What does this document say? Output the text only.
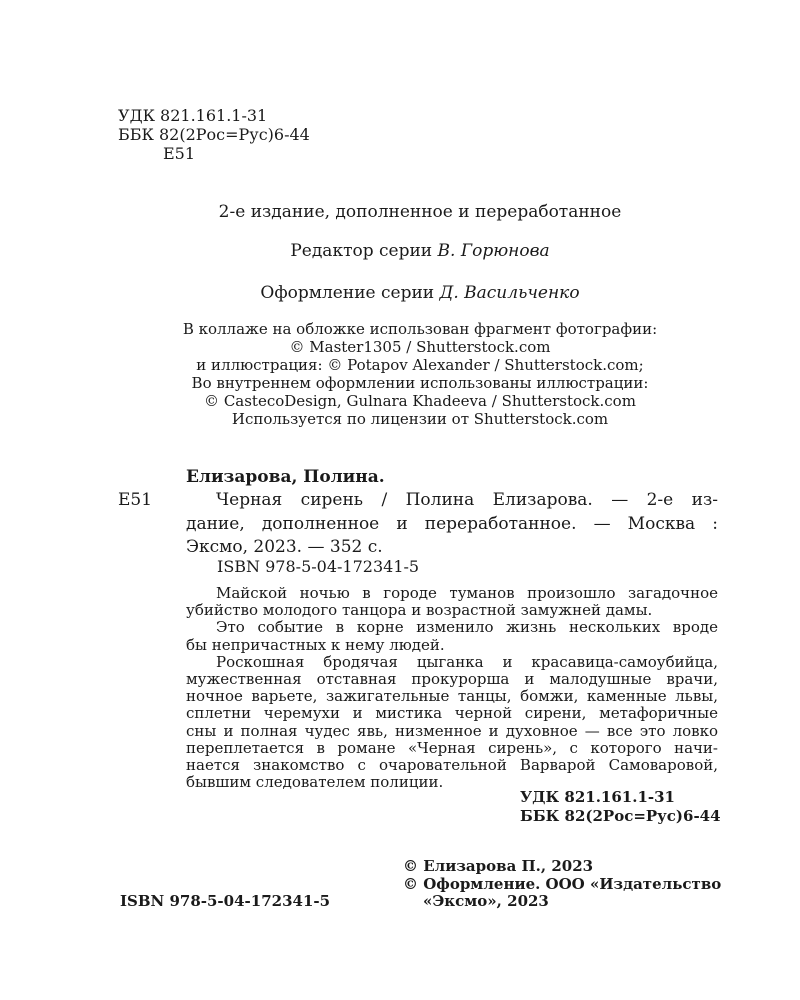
УДК 821.161.1-31
ББК 82(2Рос=Рус)6-44
Е51
2-е издание, дополненное и переработанное
Редактор серии В. Горюнова
Оформление серии Д. Васильченко
В коллаже на обложке использован фрагмент фотографии:
© Master1305 / Shutterstock.com
и иллюстрация: © Potapov Alexander / Shutterstock.com;
Во внутреннем оформлении использованы иллюстрации:
© CastecoDesign, Gulnara Khadeeva / Shutterstock.com
Используется по лицензии от Shutterstock.com
Елизарова, Полина.
Е51	Черная сирень / Полина Елизарова. — 2-е из-
дание, дополненное и переработанное. — Москва :
Эксмо, 2023. — 352 с.
ISBN 978-5-04-172341-5
Майской ночью в городе туманов произошло загадочное
убийство молодого танцора и возрастной замужней дамы.
Это событие в корне изменило жизнь нескольких вроде
бы непричастных к нему людей.
Роскошная бродячая цыганка и красавица-самоубийца,
мужественная отставная прокурорша и малодушные врачи,
ночное варьете, зажигательные танцы, бомжи, каменные львы,
сплетни черемухи и мистика черной сирени, метафоричные
сны и полная чудес явь, низменное и духовное — все это ловко
переплетается в романе «Черная сирень», с которого начи-
нается знакомство с очаровательной Варварой Самоваровой,
бывшим следователем полиции.
УДК 821.161.1-31
ББК 82(2Рос=Рус)6-44
ISBN 978-5-04-172341-5
© Елизарова П., 2023
© Оформление. ООО «Издательство
«Эксмо», 2023
